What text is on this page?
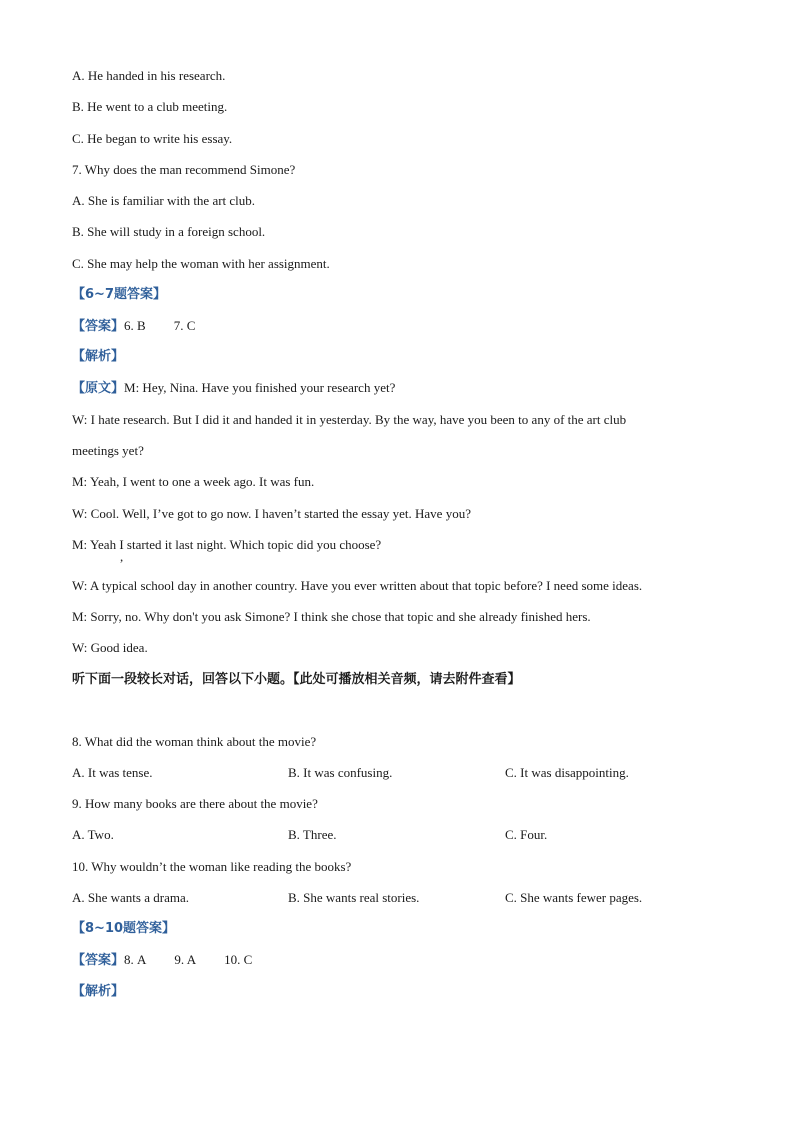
A. He handed in his research.
B. He went to a club meeting.
C. He began to write his essay.
7. Why does the man recommend Simone?
A. She is familiar with the art club.
B. She will study in a foreign school.
C. She may help the woman with her assignment.
【6~7题答案】
【答案】6. B 7. C
【解析】
【原文】M: Hey, Nina. Have you finished your research yet?
W: I hate research. But I did it and handed it in yesterday. By the way, have you been to any of the art club
meetings yet?
M: Yeah, I went to one a week ago. It was fun.
W: Cool. Well, I’ve got to go now. I haven’t started the essay yet. Have you?
M: Yeah I started it last night. Which topic did you choose?
,
W: A typical school day in another country. Have you ever written about that topic before? I need some ideas.
M: Sorry, no. Why don't you ask Simone? I think she chose that topic and she already finished hers.
W: Good idea.
听下面一段较长对话，回答以下小题。【此处可播放相关音频，请去附件查看】
8. What did the woman think about the movie?
A. It was tense.	B. It was confusing.	C. It was disappointing.
9. How many books are there about the movie?
A. Two.	B. Three.	C. Four.
10. Why wouldn’t the woman like reading the books?
A. She wants a drama.	B. She wants real stories.	C. She wants fewer pages.
【8~10题答案】
【答案】8. A 9. A 10. C
【解析】
